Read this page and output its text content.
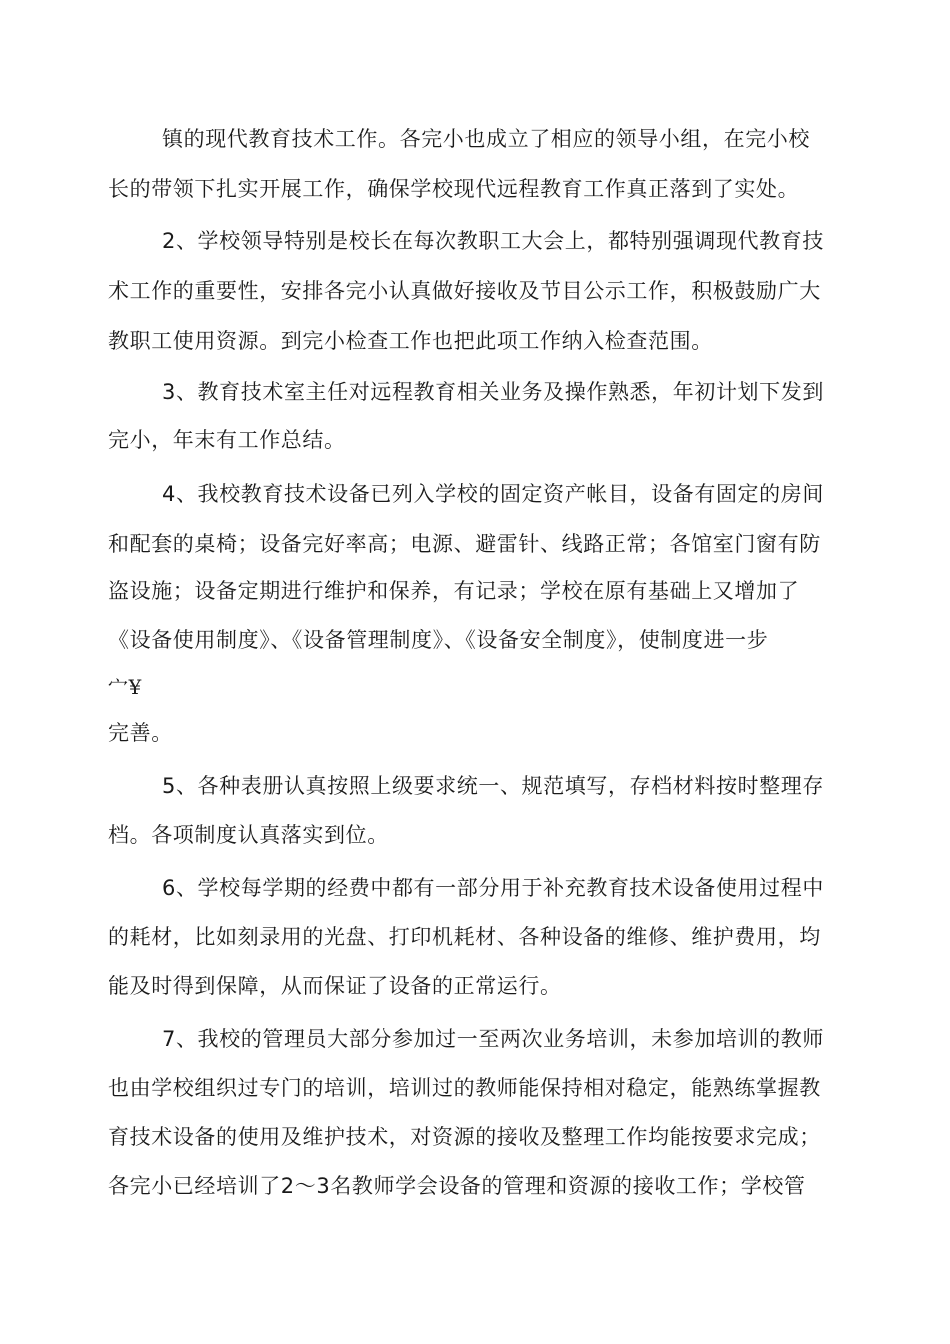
镇的现代教育技术工作。各完小也成立了相应的领导小组，在完小校
长的带领下扎实开展工作，确保学校现代远程教育工作真正落到了实处。
2、学校领导特别是校长在每次教职工大会上，都特别强调现代教育技
术工作的重要性，安排各完小认真做好接收及节目公示工作，积极鼓励广大
教职工使用资源。到完小检查工作也把此项工作纳入检查范围。
3、教育技术室主任对远程教育相关业务及操作熟悉，年初计划下发到
完小，年末有工作总结。
4、我校教育技术设备已列入学校的固定资产帐目，设备有固定的房间
和配套的桌椅；设备完好率高；电源、避雷针、线路正常；各馆室门窗有防
盗设施；设备定期进行维护和保养，有记录；学校在原有基础上又增加了
《设备使用制度》、《设备管理制度》、《设备安全制度》，使制度进一步
宀¥
完善。
5、各种表册认真按照上级要求统一、规范填写，存档材料按时整理存
档。各项制度认真落实到位。
6、学校每学期的经费中都有一部分用于补充教育技术设备使用过程中
的耗材，比如刻录用的光盘、打印机耗材、各种设备的维修、维护费用，均
能及时得到保障，从而保证了设备的正常运行。
7、我校的管理员大部分参加过一至两次业务培训，未参加培训的教师
也由学校组织过专门的培训，培训过的教师能保持相对稳定，能熟练掌握教
育技术设备的使用及维护技术，对资源的接收及整理工作均能按要求完成；
各完小已经培训了2〜3名教师学会设备的管理和资源的接收工作；学校管
